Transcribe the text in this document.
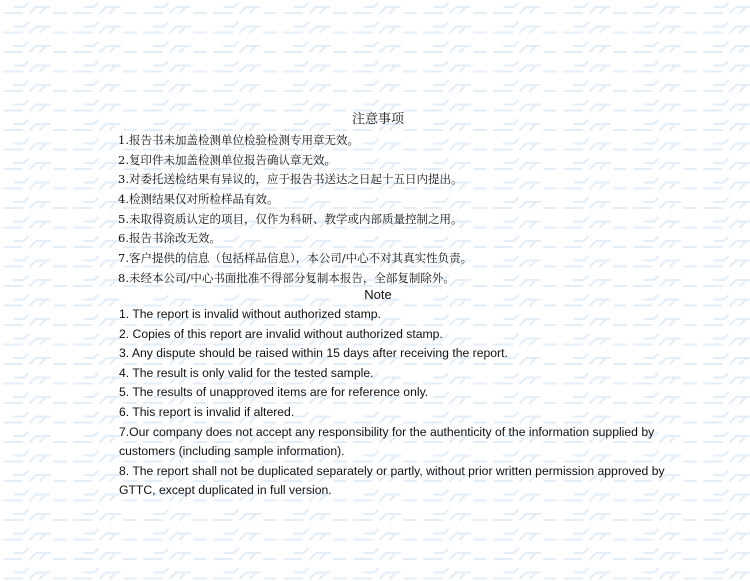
注意事项
1.报告书未加盖检测单位检验检测专用章无效。
2.复印件未加盖检测单位报告确认章无效。
3.对委托送检结果有异议的，应于报告书送达之日起十五日内提出。
4.检测结果仅对所检样品有效。
5.未取得资质认定的项目，仅作为科研、教学或内部质量控制之用。
6.报告书涂改无效。
7.客户提供的信息（包括样品信息），本公司/中心不对其真实性负责。
8.未经本公司/中心书面批准不得部分复制本报告，全部复制除外。
Note
1. The report is invalid without authorized stamp.
2. Copies of this report are invalid without authorized stamp.
3. Any dispute should be raised within 15 days after receiving the report.
4. The result is only valid for the tested sample.
5. The results of unapproved items are for reference only.
6. This report is invalid if altered.
7.Our company does not accept any responsibility for the authenticity of the information supplied by customers (including sample information).
8. The report shall not be duplicated separately or partly, without prior written permission approved by GTTC, except duplicated in full version.
